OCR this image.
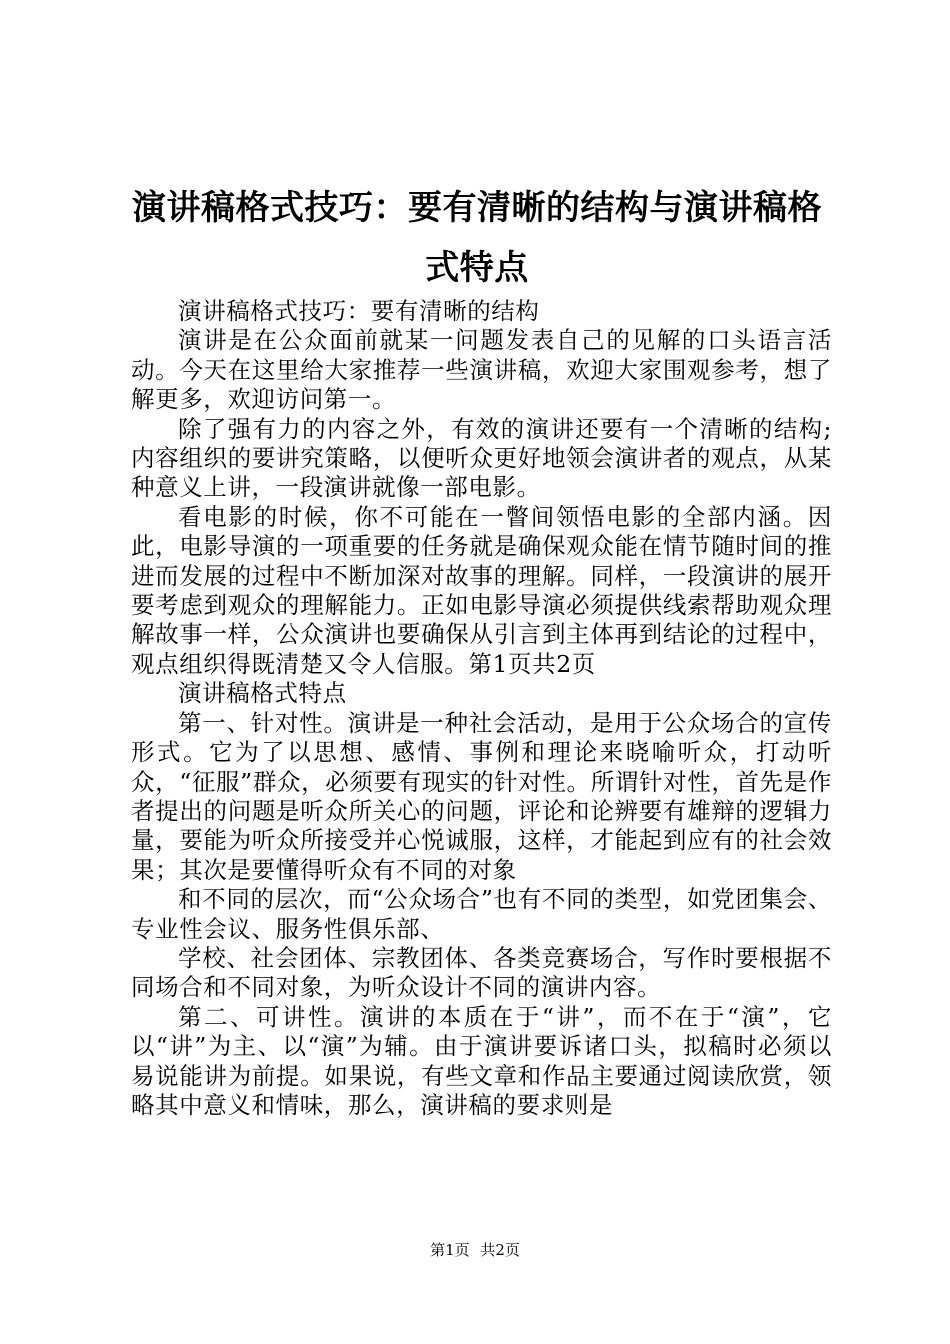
演讲稿格式技巧：要有清晰的结构与演讲稿格式特点

演讲稿格式技巧：要有清晰的结构

演讲是在公众面前就某一问题发表自己的见解的口头语言活动。今天在这里给大家推荐一些演讲稿，欢迎大家围观参考，想了解更多，欢迎访问第一。

除了强有力的内容之外，有效的演讲还要有一个清晰的结构;内容组织的要讲究策略，以便听众更好地领会演讲者的观点，从某种意义上讲，一段演讲就像一部电影。

看电影的时候，你不可能在一瞥间领悟电影的全部内涵。因此，电影导演的一项重要的任务就是确保观众能在情节随时间的推进而发展的过程中不断加深对故事的理解。同样，一段演讲的展开要考虑到观众的理解能力。正如电影导演必须提供线索帮助观众理解故事一样，公众演讲也要确保从引言到主体再到结论的过程中，观点组织得既清楚又令人信服。第1页共2页

演讲稿格式特点

第一、针对性。演讲是一种社会活动，是用于公众场合的宣传形式。它为了以思想、感情、事例和理论来晓喻听众，打动听众，“征服”群众，必须要有现实的针对性。所谓针对性，首先是作者提出的问题是听众所关心的问题，评论和论辨要有雄辩的逻辑力量，要能为听众所接受并心悦诚服，这样，才能起到应有的社会效果；其次是要懂得听众有不同的对象

和不同的层次，而“公众场合”也有不同的类型，如党团集会、专业性会议、服务性俱乐部、

学校、社会团体、宗教团体、各类竞赛场合，写作时要根据不同场合和不同对象，为听众设计不同的演讲内容。

第二、可讲性。演讲的本质在于“讲”，而不在于“演”，它以“讲”为主、以“演”为辅。由于演讲要诉诸口头，拟稿时必须以易说能讲为前提。如果说，有些文章和作品主要通过阅读欣赏，领略其中意义和情味，那么，演讲稿的要求则是

第1页 共2页
